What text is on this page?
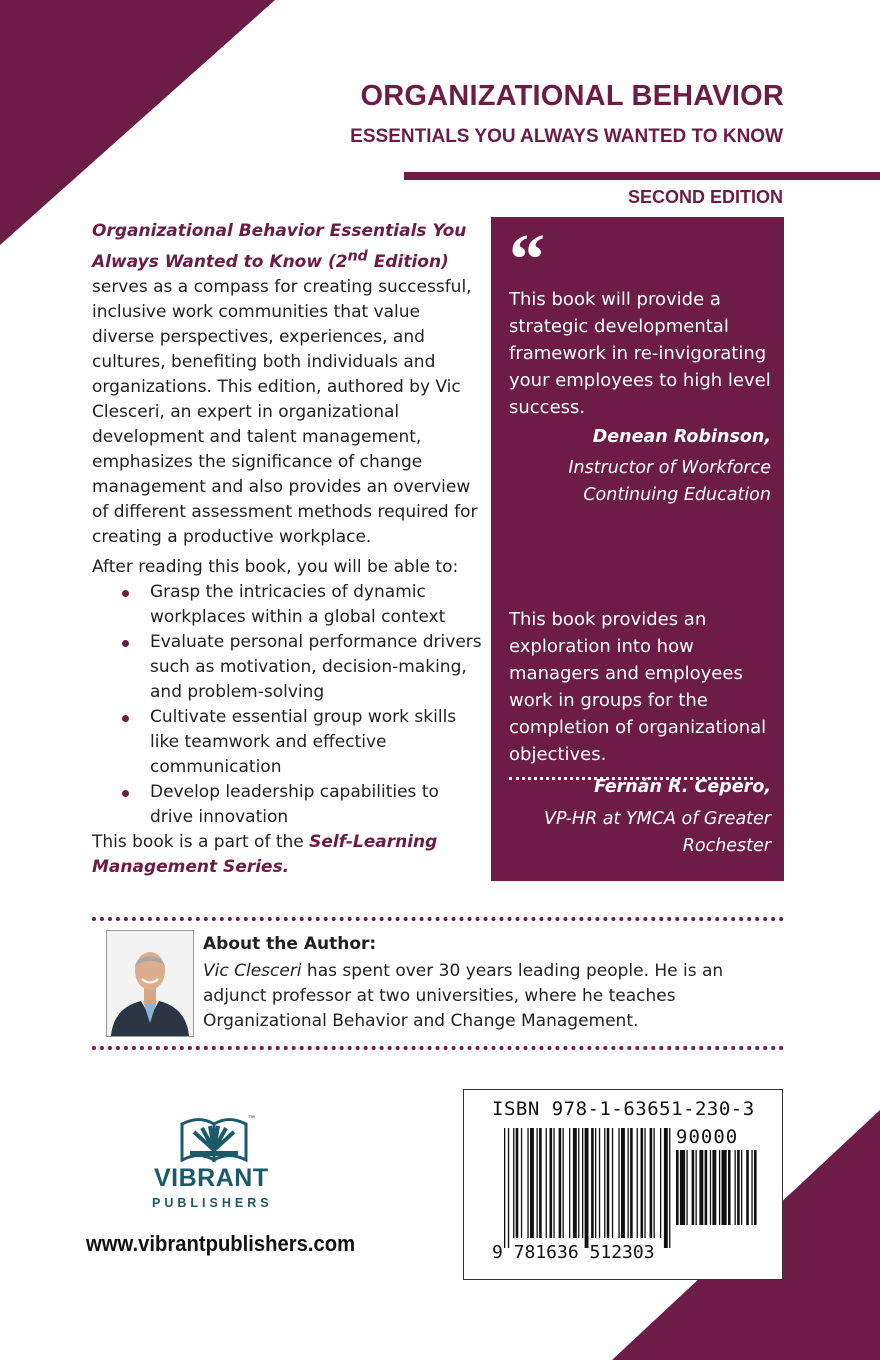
ORGANIZATIONAL BEHAVIOR
ESSENTIALS YOU ALWAYS WANTED TO KNOW
SECOND EDITION

Organizational Behavior Essentials You Always Wanted to Know (2nd Edition) serves as a compass for creating successful, inclusive work communities that value diverse perspectives, experiences, and cultures, benefiting both individuals and organizations. This edition, authored by Vic Clesceri, an expert in organizational development and talent management, emphasizes the significance of change management and also provides an overview of different assessment methods required for creating a productive workplace.

After reading this book, you will be able to:

Grasp the intricacies of dynamic workplaces within a global context
Evaluate personal performance drivers such as motivation, decision-making, and problem-solving
Cultivate essential group work skills like teamwork and effective communication
Develop leadership capabilities to drive innovation

This book is a part of the Self-Learning Management Series.

“

This book will provide a strategic developmental framework in re-invigorating your employees to high level success.

Denean Robinson,

Instructor of Workforce Continuing Education

This book provides an exploration into how managers and employees work in groups for the completion of organizational objectives.

Fernán R. Cepero,

VP-HR at YMCA of Greater Rochester

About the Author:

Vic Clesceri has spent over 30 years leading people. He is an adjunct professor at two universities, where he teaches Organizational Behavior and Change Management.

™
VIBRANT
PUBLISHERS
www.vibrantpublishers.com
ISBN 978-1-63651-230-3
90000
9 781636 512303
